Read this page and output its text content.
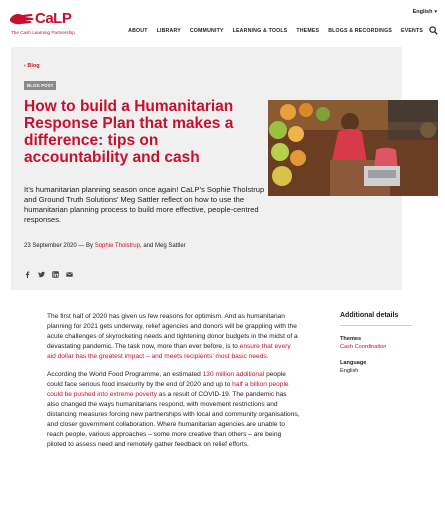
CaLP
The Cash Learning Partnership
English ▾
ABOUT LIBRARY COMMUNITY LEARNING & TOOLS THEMES BLOGS & RECORDINGS EVENTS
‹ Blog
BLOG POST
How to build a Humanitarian Response Plan that makes a difference: tips on accountability and cash

It’s humanitarian planning season once again! CaLP’s Sophie Tholstrup and Ground Truth Solutions’ Meg Sattler reflect on how to use the humanitarian planning process to build more effective, people-centred responses.

23 September 2020 — By Sophie Tholstrup, and Meg Sattler

The first half of 2020 has given us few reasons for optimism. And as humanitarian planning for 2021 gets underway, relief agencies and donors will be grappling with the acute challenges of skyrocketing needs and tightening donor budgets in the midst of a devastating pandemic. The task now, more than ever before, is to ensure that every aid dollar has the greatest impact – and meets recipients’ most basic needs.

According the World Food Programme, an estimated 130 million additional people could face serious food insecurity by the end of 2020 and up to half a billion people could be pushed into extreme poverty as a result of COVID-19. The pandemic has also changed the ways humanitarians respond, with movement restrictions and distancing measures forcing new partnerships with local and community organisations, and closer government collaboration. Where humanitarian agencies are unable to reach people, various approaches – some more creative than others – are being piloted to assess need and remotely gather feedback on relief efforts.

Additional details
Themes
Cash Coordination
Language
English
